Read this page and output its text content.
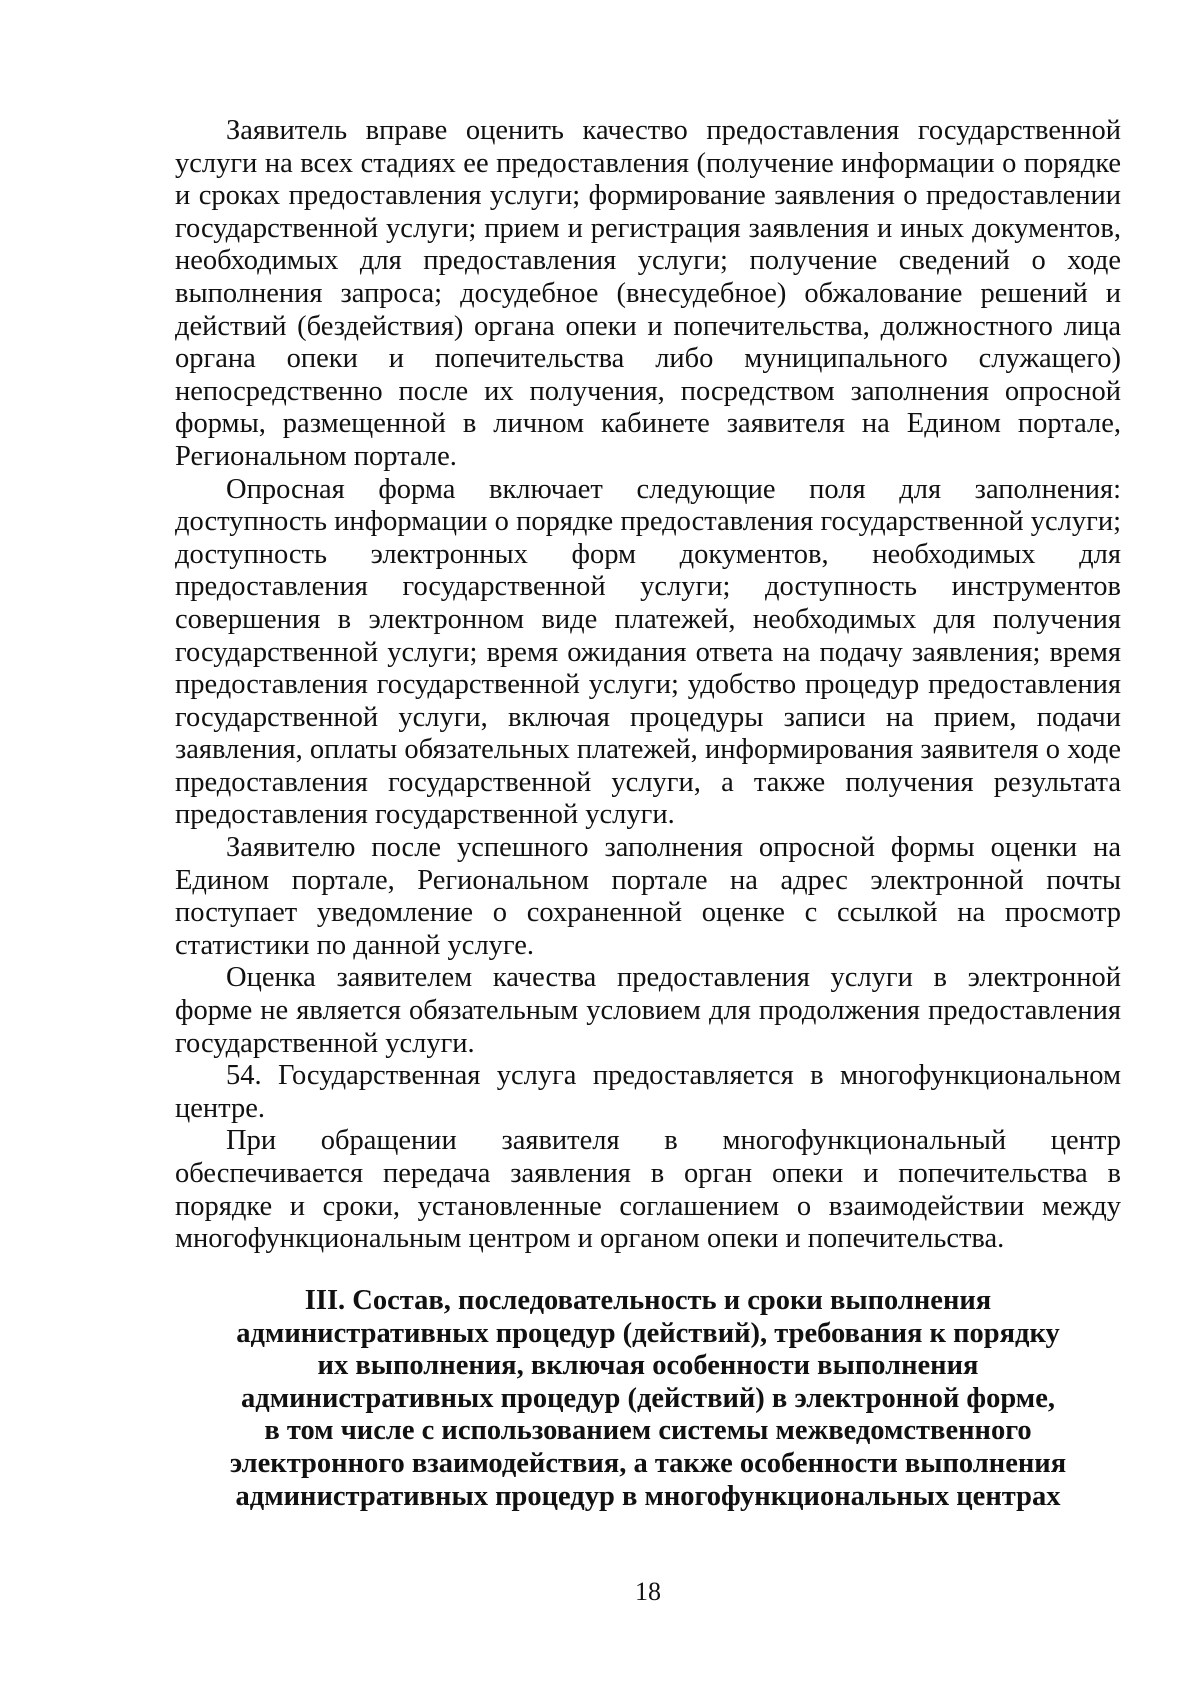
Заявитель вправе оценить качество предоставления государственной услуги на всех стадиях ее предоставления (получение информации о порядке и сроках предоставления услуги; формирование заявления о предоставлении государственной услуги; прием и регистрация заявления и иных документов, необходимых для предоставления услуги; получение сведений о ходе выполнения запроса; досудебное (внесудебное) обжалование решений и действий (бездействия) органа опеки и попечительства, должностного лица органа опеки и попечительства либо муниципального служащего) непосредственно после их получения, посредством заполнения опросной формы, размещенной в личном кабинете заявителя на Едином портале, Региональном портале.

Опросная форма включает следующие поля для заполнения: доступность информации о порядке предоставления государственной услуги; доступность электронных форм документов, необходимых для предоставления государственной услуги; доступность инструментов совершения в электронном виде платежей, необходимых для получения государственной услуги; время ожидания ответа на подачу заявления; время предоставления государственной услуги; удобство процедур предоставления государственной услуги, включая процедуры записи на прием, подачи заявления, оплаты обязательных платежей, информирования заявителя о ходе предоставления государственной услуги, а также получения результата предоставления государственной услуги.

Заявителю после успешного заполнения опросной формы оценки на Едином портале, Региональном портале на адрес электронной почты поступает уведомление о сохраненной оценке с ссылкой на просмотр статистики по данной услуге.

Оценка заявителем качества предоставления услуги в электронной форме не является обязательным условием для продолжения предоставления государственной услуги.

54. Государственная услуга предоставляется в многофункциональном центре.

При обращении заявителя в многофункциональный центр обеспечивается передача заявления в орган опеки и попечительства в порядке и сроки, установленные соглашением о взаимодействии между многофункциональным центром и органом опеки и попечительства.

III. Состав, последовательность и сроки выполнения
административных процедур (действий), требования к порядку
их выполнения, включая особенности выполнения
административных процедур (действий) в электронной форме,
в том числе с использованием системы межведомственного
электронного взаимодействия, а также особенности выполнения
административных процедур в многофункциональных центрах
18
